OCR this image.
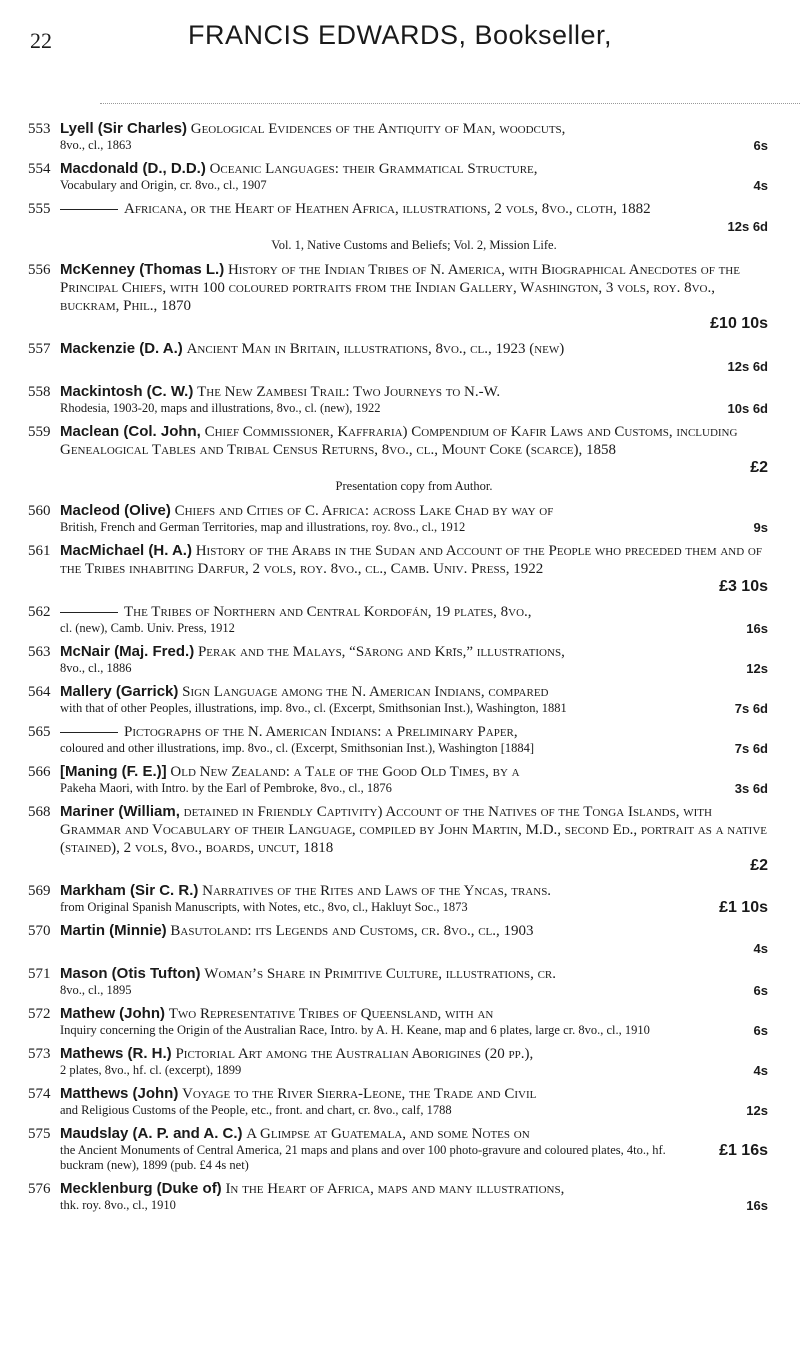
22	FRANCIS EDWARDS, Bookseller,
553 Lyell (Sir Charles) Geological Evidences of the Antiquity of Man, woodcuts,
6s
8vo., cl., 1863
554 Macdonald (D., D.D.) Oceanic Languages: their Grammatical Structure,
4s
Vocabulary and Origin, cr. 8vo., cl., 1907
555	Africana, or the Heart of Heathen Africa, illustrations, 2 vols, 8vo., cloth, 1882
12s 6d
Vol. 1, Native Customs and Beliefs; Vol. 2, Mission Life.
556 McKenney (Thomas L.) History of the Indian Tribes of N. America, with Biographical Anecdotes of the Principal Chiefs, with 100 coloured portraits from the Indian Gallery, Washington, 3 vols, roy. 8vo., buckram, Phil., 1870
£10 10s
557 Mackenzie (D. A.) Ancient Man in Britain, illustrations, 8vo., cl., 1923 (new)
12s 6d
558 Mackintosh (C. W.) The New Zambesi Trail: Two Journeys to N.-W.
10s 6d
Rhodesia, 1903-20, maps and illustrations, 8vo., cl. (new), 1922
559 Maclean (Col. John, Chief Commissioner, Kaffraria) Compendium of Kafir Laws and Customs, including Genealogical Tables and Tribal Census Returns, 8vo., cl., Mount Coke (scarce), 1858
£2
Presentation copy from Author.
560 Macleod (Olive) Chiefs and Cities of C. Africa: across Lake Chad by way of
9s
British, French and German Territories, map and illustrations, roy. 8vo., cl., 1912
561 MacMichael (H. A.) History of the Arabs in the Sudan and Account of the People who preceded them and of the Tribes inhabiting Darfur, 2 vols, roy. 8vo., cl., Camb. Univ. Press, 1922
£3 10s
562	The Tribes of Northern and Central Kordofán, 19 plates, 8vo.,
16s
cl. (new), Camb. Univ. Press, 1912
563 McNair (Maj. Fred.) Perak and the Malays, “Sārong and Krīs,” illustrations,
12s
8vo., cl., 1886
564 Mallery (Garrick) Sign Language among the N. American Indians, compared
7s 6d
with that of other Peoples, illustrations, imp. 8vo., cl. (Excerpt, Smithsonian Inst.), Washington, 1881
565	Pictographs of the N. American Indians: a Preliminary Paper,
7s 6d
coloured and other illustrations, imp. 8vo., cl. (Excerpt, Smithsonian Inst.), Washington [1884]
566 [Maning (F. E.)] Old New Zealand: a Tale of the Good Old Times, by a
3s 6d
Pakeha Maori, with Intro. by the Earl of Pembroke, 8vo., cl., 1876
568 Mariner (William, detained in Friendly Captivity) Account of the Natives of the Tonga Islands, with Grammar and Vocabulary of their Language, compiled by John Martin, M.D., second Ed., portrait as a native (stained), 2 vols, 8vo., boards, uncut, 1818
£2
569 Markham (Sir C. R.) Narratives of the Rites and Laws of the Yncas, trans.
£1 10s
from Original Spanish Manuscripts, with Notes, etc., 8vo, cl., Hakluyt Soc., 1873
570 Martin (Minnie) Basutoland: its Legends and Customs, cr. 8vo., cl., 1903
4s
571 Mason (Otis Tufton) Woman’s Share in Primitive Culture, illustrations, cr.
6s
8vo., cl., 1895
572 Mathew (John) Two Representative Tribes of Queensland, with an
6s
Inquiry concerning the Origin of the Australian Race, Intro. by A. H. Keane, map and 6 plates, large cr. 8vo., cl., 1910
573 Mathews (R. H.) Pictorial Art among the Australian Aborigines (20 pp.),
4s
2 plates, 8vo., hf. cl. (excerpt), 1899
574 Matthews (John) Voyage to the River Sierra-Leone, the Trade and Civil
12s
and Religious Customs of the People, etc., front. and chart, cr. 8vo., calf, 1788
575 Maudslay (A. P. and A. C.) A Glimpse at Guatemala, and some Notes on
£1 16s
the Ancient Monuments of Central America, 21 maps and plans and over 100 photo-gravure and coloured plates, 4to., hf. buckram (new), 1899 (pub. £4 4s net)
576 Mecklenburg (Duke of) In the Heart of Africa, maps and many illustrations,
16s
thk. roy. 8vo., cl., 1910
